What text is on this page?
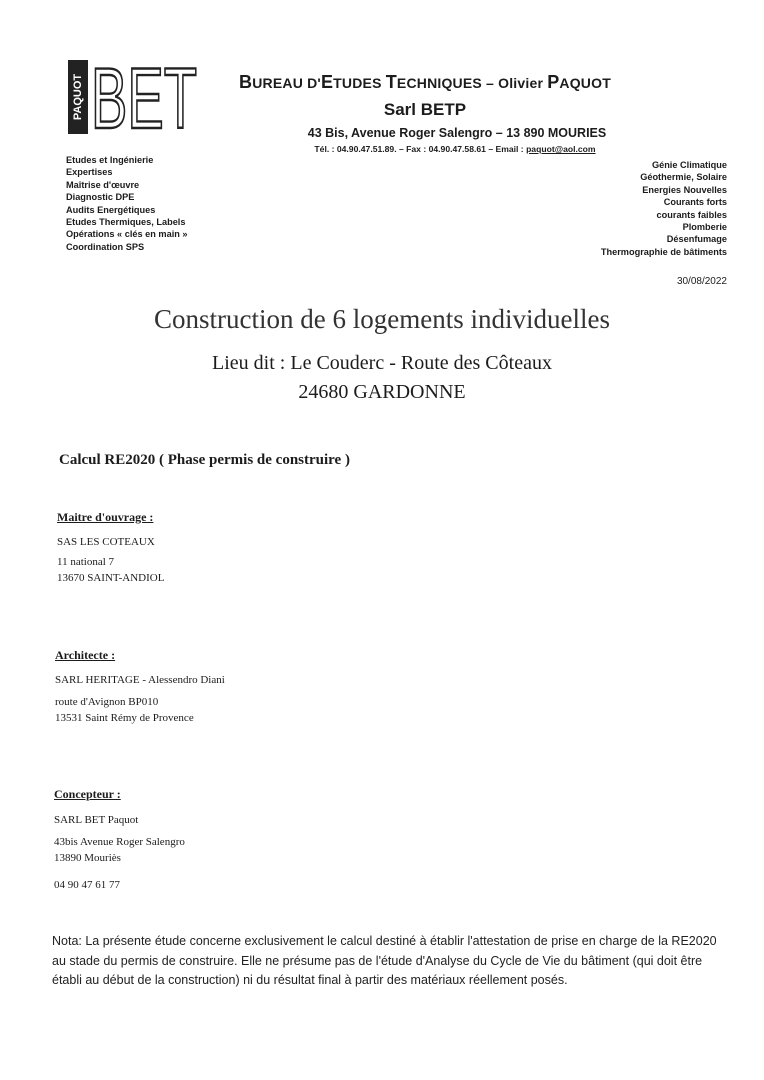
PAQUOT BET	BUREAU D'ETUDES TECHNIQUES – Olivier PAQUOT
Sarl BETP
43 Bis, Avenue Roger Salengro – 13 890 MOURIES
Tél. : 04.90.47.51.89. – Fax : 04.90.47.58.61 – Email : paquot@aol.com
Etudes et Ingénierie
Expertises
Maîtrise d'œuvre
Diagnostic DPE
Audits Energétiques
Etudes Thermiques, Labels
Opérations « clés en main »
Coordination SPS
Génie Climatique
Géothermie, Solaire
Energies Nouvelles
Courants forts
courants faibles
Plomberie
Désenfumage
Thermographie de bâtiments
30/08/2022
Construction de 6 logements individuelles
Lieu dit : Le Couderc - Route des Côteaux
24680 GARDONNE
Calcul RE2020 ( Phase permis de construire )
Maitre d'ouvrage :
SAS LES COTEAUX
11 national 7
13670 SAINT-ANDIOL
Architecte :
SARL HERITAGE - Alessendro Diani
route d'Avignon BP010
13531 Saint Rémy de Provence
Concepteur :
SARL BET Paquot
43bis Avenue Roger Salengro
13890 Mouriès
04 90 47 61 77
Nota: La présente étude concerne exclusivement le calcul destiné à établir l'attestation de prise en charge de la RE2020 au stade du permis de construire. Elle ne présume pas de l'étude d'Analyse du Cycle de Vie du bâtiment (qui doit être établi au début de la construction) ni du résultat final à partir des matériaux réellement posés.
